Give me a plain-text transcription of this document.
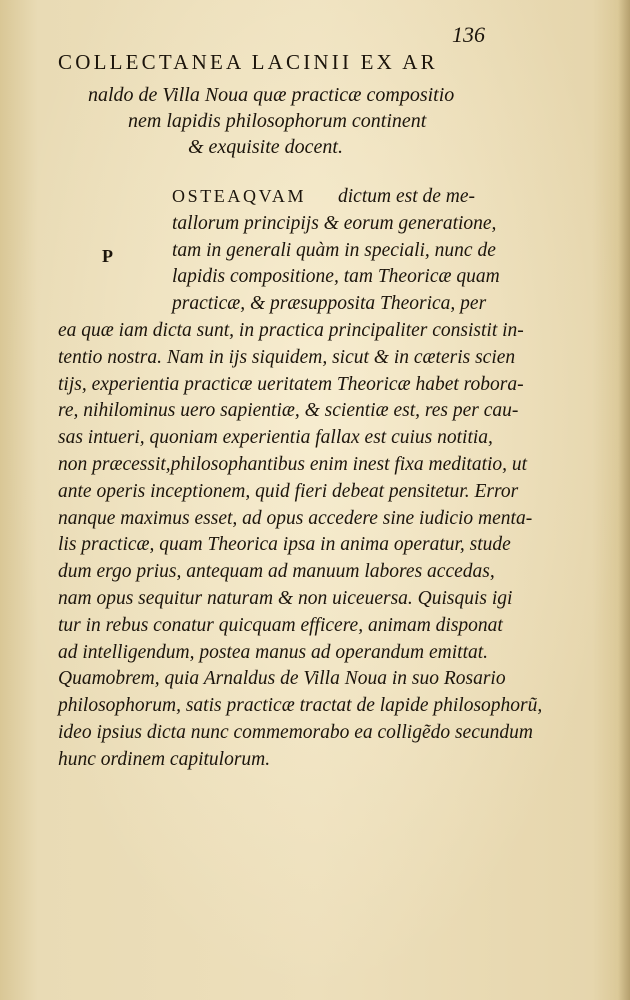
136
COLLECTANEA LACINII EX AR
naldo de Villa Noua quæ practicæ compositio
nem lapidis philosophorum continent
& exquisite docent.
P
OSTEAQVAM dictum est de me-
tallorum principijs & eorum generatione,
tam in generali quàm in speciali, nunc de
lapidis compositione, tam Theoricæ quam
practicæ, & præsupposita Theorica, per
ea quæ iam dicta sunt, in practica principaliter consistit in-
tentio nostra. Nam in ijs siquidem, sicut & in cæteris scien
tijs, experientia practicæ ueritatem Theoricæ habet robora-
re, nihilominus uero sapientiæ, & scientiæ est, res per cau-
sas intueri, quoniam experientia fallax est cuius notitia,
non præcessit,philosophantibus enim inest fixa meditatio, ut
ante operis inceptionem, quid fieri debeat pensitetur. Error
nanque maximus esset, ad opus accedere sine iudicio menta-
lis practicæ, quam Theorica ipsa in anima operatur, stude
dum ergo prius, antequam ad manuum labores accedas,
nam opus sequitur naturam & non uiceuersa. Quisquis igi
tur in rebus conatur quicquam efficere, animam disponat
ad intelligendum, postea manus ad operandum emittat.
Quamobrem, quia Arnaldus de Villa Noua in suo Rosario
philosophorum, satis practicæ tractat de lapide philosophorũ,
ideo ipsius dicta nunc commemorabo ea colligẽdo secundum
hunc ordinem capitulorum.
